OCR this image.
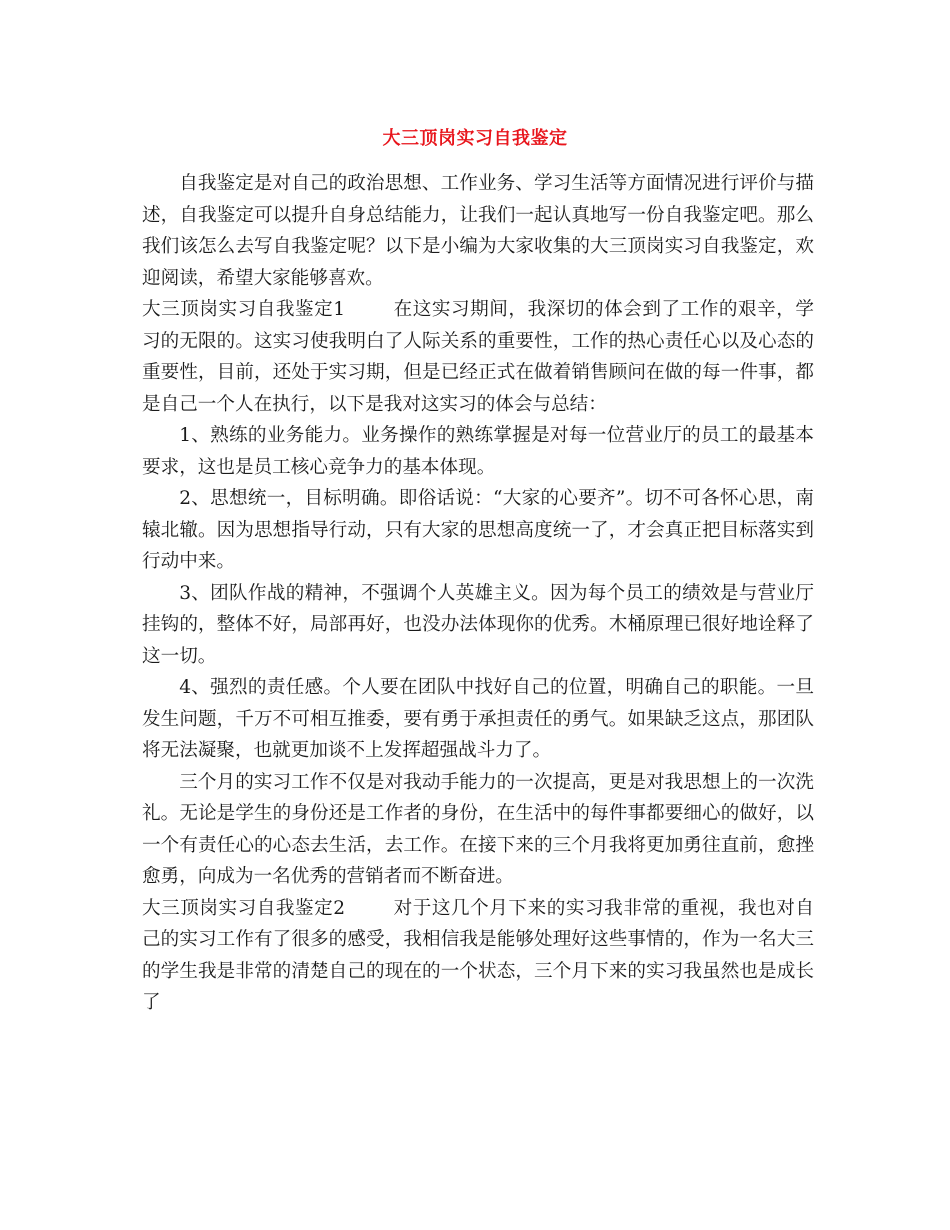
大三顶岗实习自我鉴定

自我鉴定是对自己的政治思想、工作业务、学习生活等方面情况进行评价与描述，自我鉴定可以提升自身总结能力，让我们一起认真地写一份自我鉴定吧。那么我们该怎么去写自我鉴定呢？以下是小编为大家收集的大三顶岗实习自我鉴定，欢迎阅读，希望大家能够喜欢。

大三顶岗实习自我鉴定1	在这实习期间，我深切的体会到了工作的艰辛，学习的无限的。这实习使我明白了人际关系的重要性，工作的热心责任心以及心态的重要性，目前，还处于实习期，但是已经正式在做着销售顾问在做的每一件事，都是自己一个人在执行，以下是我对这实习的体会与总结：

1、熟练的业务能力。业务操作的熟练掌握是对每一位营业厅的员工的最基本要求，这也是员工核心竞争力的基本体现。

2、思想统一，目标明确。即俗话说：“大家的心要齐”。切不可各怀心思，南辕北辙。因为思想指导行动，只有大家的思想高度统一了，才会真正把目标落实到行动中来。

3、团队作战的精神，不强调个人英雄主义。因为每个员工的绩效是与营业厅挂钩的，整体不好，局部再好，也没办法体现你的优秀。木桶原理已很好地诠释了这一切。

4、强烈的责任感。个人要在团队中找好自己的位置，明确自己的职能。一旦发生问题，千万不可相互推委，要有勇于承担责任的勇气。如果缺乏这点，那团队将无法凝聚，也就更加谈不上发挥超强战斗力了。

三个月的实习工作不仅是对我动手能力的一次提高，更是对我思想上的一次洗礼。无论是学生的身份还是工作者的身份，在生活中的每件事都要细心的做好，以一个有责任心的心态去生活，去工作。在接下来的三个月我将更加勇往直前，愈挫愈勇，向成为一名优秀的营销者而不断奋进。

大三顶岗实习自我鉴定2	对于这几个月下来的实习我非常的重视，我也对自己的实习工作有了很多的感受，我相信我是能够处理好这些事情的，作为一名大三的学生我是非常的清楚自己的现在的一个状态，三个月下来的实习我虽然也是成长了
